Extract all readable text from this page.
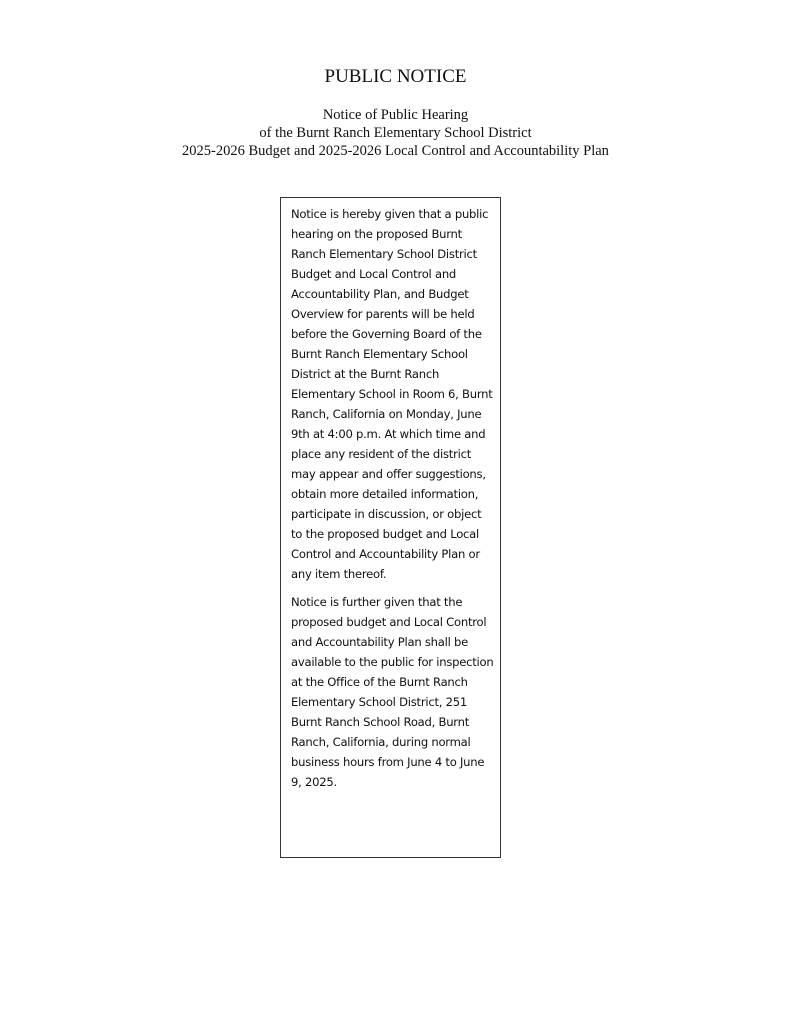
PUBLIC NOTICE
Notice of Public Hearing
of the Burnt Ranch Elementary School District
2025-2026 Budget and 2025-2026 Local Control and Accountability Plan

Notice is hereby given that a public hearing on the proposed Burnt Ranch Elementary School District Budget and Local Control and Accountability Plan, and Budget Overview for parents will be held before the Governing Board of the Burnt Ranch Elementary School District at the Burnt Ranch Elementary School in Room 6, Burnt Ranch, California on Monday, June 9th at 4:00 p.m. At which time and place any resident of the district may appear and offer suggestions, obtain more detailed information, participate in discussion, or object to the proposed budget and Local Control and Accountability Plan or any item thereof.

Notice is further given that the proposed budget and Local Control and Accountability Plan shall be available to the public for inspection at the Office of the Burnt Ranch Elementary School District, 251 Burnt Ranch School Road, Burnt Ranch, California, during normal business hours from June 4 to June 9, 2025.
